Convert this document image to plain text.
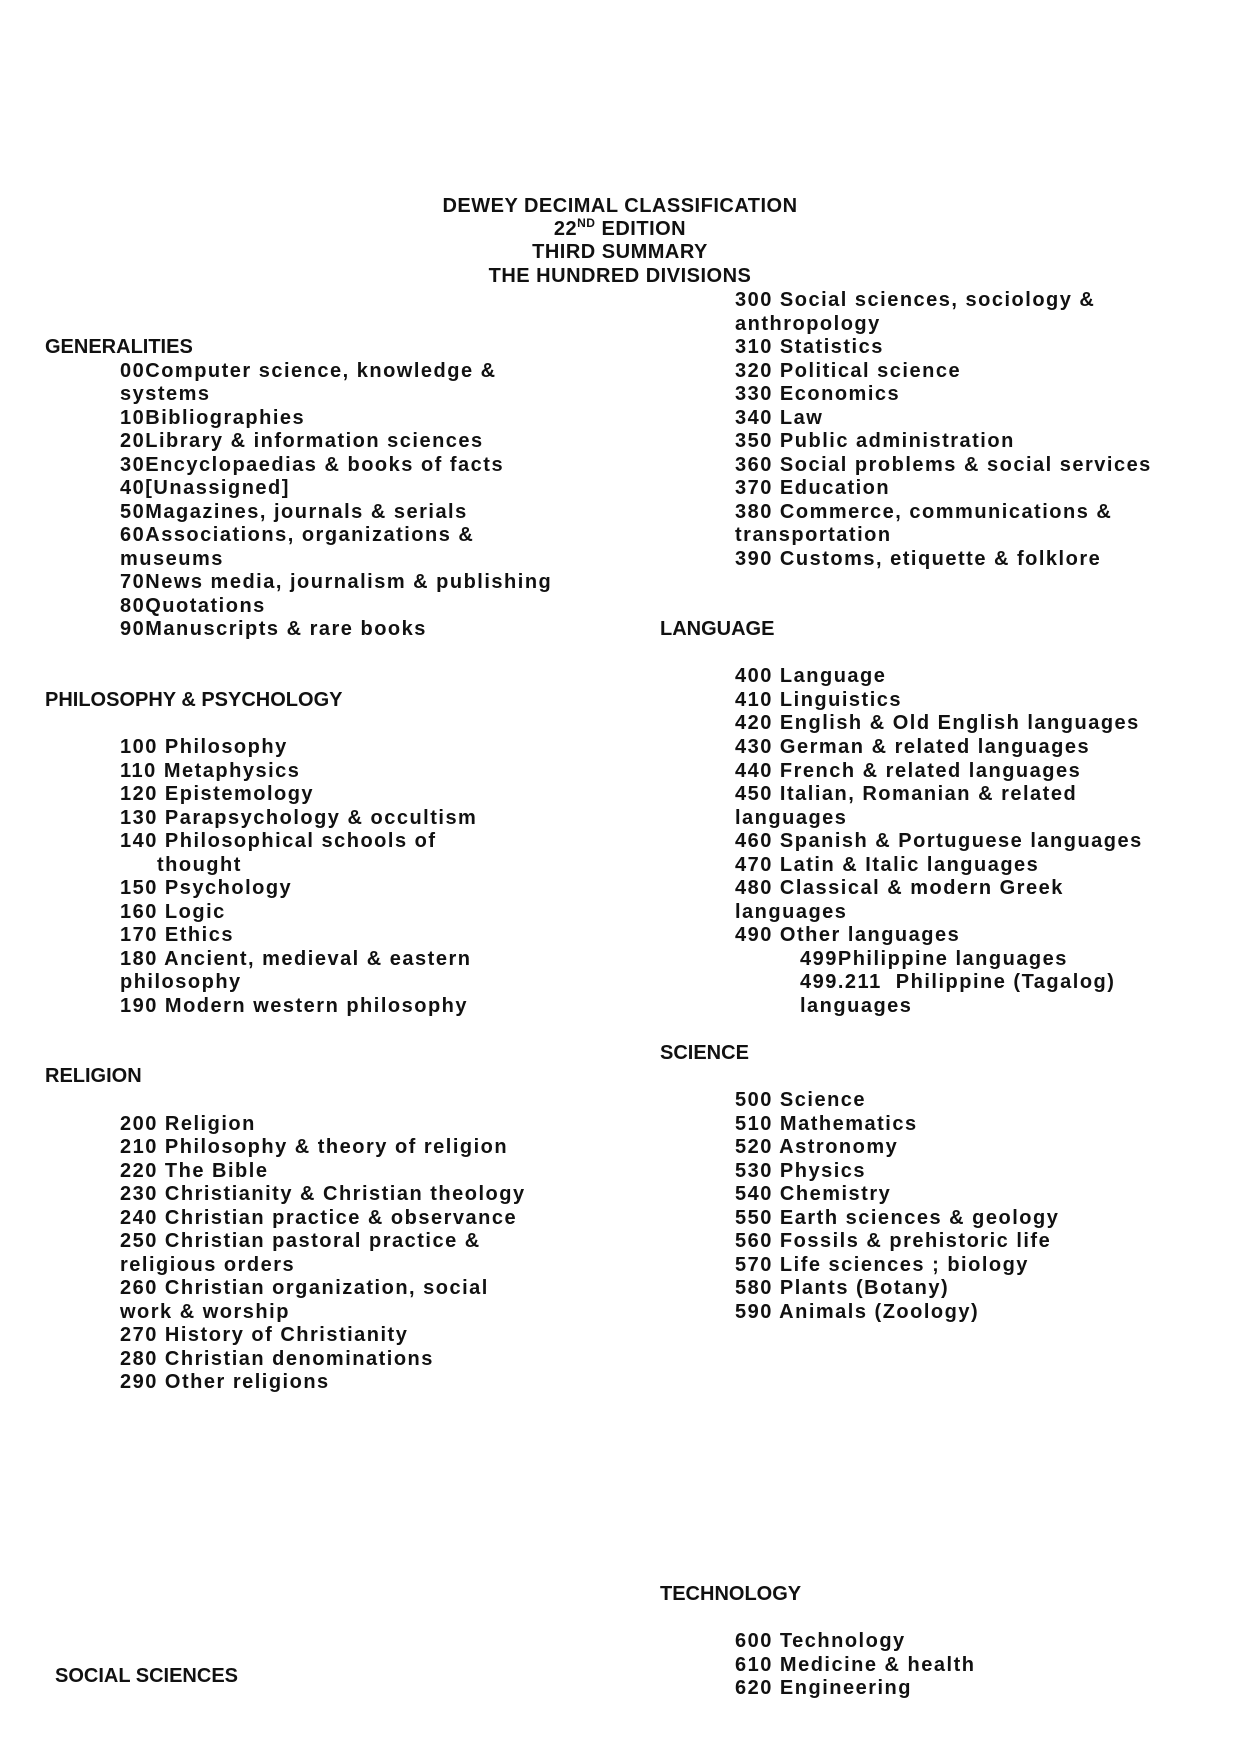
DEWEY DECIMAL CLASSIFICATION
22ND EDITION
THIRD SUMMARY
THE HUNDRED DIVISIONS
GENERALITIES
00Computer science, knowledge &
systems
10Bibliographies
20Library & information sciences
30Encyclopaedias & books of facts
40[Unassigned]
50Magazines, journals & serials
60Associations, organizations &
museums
70News media, journalism & publishing
80Quotations
90Manuscripts & rare books
PHILOSOPHY & PSYCHOLOGY
100 Philosophy
110 Metaphysics
120 Epistemology
130 Parapsychology & occultism
140 Philosophical schools of
thought
150 Psychology
160 Logic
170 Ethics
180 Ancient, medieval & eastern
philosophy
190 Modern western philosophy
RELIGION
200 Religion
210 Philosophy & theory of religion
220 The Bible
230 Christianity & Christian theology
240 Christian practice & observance
250 Christian pastoral practice &
religious orders
260 Christian organization, social
work & worship
270 History of Christianity
280 Christian denominations
290 Other religions
SOCIAL SCIENCES
300 Social sciences, sociology &
anthropology
310 Statistics
320 Political science
330 Economics
340 Law
350 Public administration
360 Social problems & social services
370 Education
380 Commerce, communications &
transportation
390 Customs, etiquette & folklore
LANGUAGE
400 Language
410 Linguistics
420 English & Old English languages
430 German & related languages
440 French & related languages
450 Italian, Romanian & related
languages
460 Spanish & Portuguese languages
470 Latin & Italic languages
480 Classical & modern Greek
languages
490 Other languages
499Philippine languages
499.211  Philippine (Tagalog)
languages
SCIENCE
500 Science
510 Mathematics
520 Astronomy
530 Physics
540 Chemistry
550 Earth sciences & geology
560 Fossils & prehistoric life
570 Life sciences ; biology
580 Plants (Botany)
590 Animals (Zoology)
TECHNOLOGY
600 Technology
610 Medicine & health
620 Engineering
